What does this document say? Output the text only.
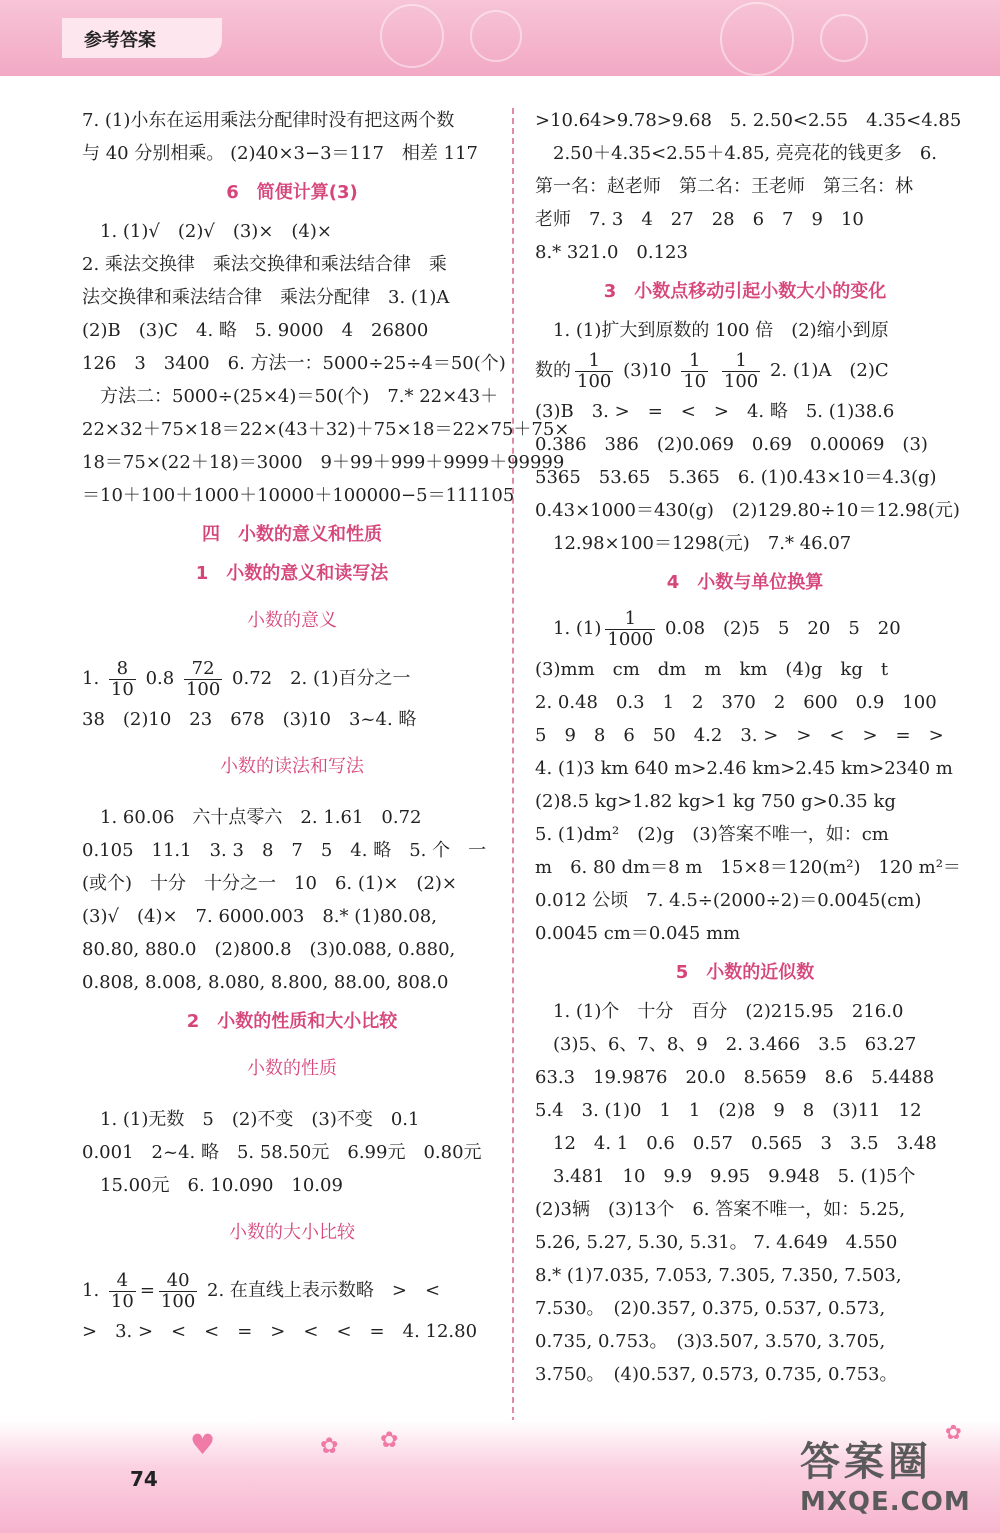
参考答案

7. (1)小东在运用乘法分配律时没有把这两个数

与 40 分别相乘。 (2)40×3−3＝117　相差 117

6　简便计算(3)

　1. (1)√　(2)√　(3)×　(4)×

2. 乘法交换律　乘法交换律和乘法结合律　乘

法交换律和乘法结合律　乘法分配律　3. (1)A

(2)B　(3)C　4. 略　5. 9000　4　26800

126　3　3400　6. 方法一：5000÷25÷4＝50(个)

　方法二：5000÷(25×4)＝50(个)　7.* 22×43＋

22×32＋75×18＝22×(43＋32)＋75×18＝22×75＋75×

18＝75×(22＋18)＝3000　9＋99＋999＋9999＋99999

＝10＋100＋1000＋10000＋100000−5＝111105

四　小数的意义和性质

1　小数的意义和读写法

小数的意义

1. $\frac{8}{10} 0.8 \frac{72}{100} 0.72$　2. (1)百分之一

38　(2)10　23　678　(3)10　3~4. 略

小数的读法和写法

　1. 60.06　六十点零六　2. 1.61　0.72

0.105　11.1　3. 3　8　7　5　4. 略　5. 个　一

(或个)　十分　十分之一　10　6. (1)×　(2)×

(3)√　(4)×　7. 6000.003　8.* (1)80.08,

80.80, 880.0　(2)800.8　(3)0.088, 0.880,

0.808, 8.008, 8.080, 8.800, 88.00, 808.0

2　小数的性质和大小比较

小数的性质

　1. (1)无数　5　(2)不变　(3)不变　0.1

0.001　2~4. 略　5. 58.50元　6.99元　0.80元

　15.00元　6. 10.090　10.09

小数的大小比较

1. $\frac{4}{10} = \frac{40}{100} 2$. 在直线上表示数略　>　<

>　3. >　<　<　=　>　<　<　=　4. 12.80

>10.64>9.78>9.68　5. 2.50<2.55　4.35<4.85

　2.50＋4.35<2.55＋4.85, 亮亮花的钱更多　6.

第一名：赵老师　第二名：王老师　第三名：林

老师　7. 3　4　27　28　6　7　9　10

8.* 321.0　0.123

3　小数点移动引起小数大小的变化

　1. (1)扩大到原数的 100 倍　(2)缩小到原

数的 $\frac{1}{100} (3)10 \frac{1}{10}$
$\frac{1}{100} 2$. (1)A　(2)C

(3)B　3. >　=　<　>　4. 略　5. (1)38.6

0.386　386　(2)0.069　0.69　0.00069　(3)

5365　53.65　5.365　6. (1)0.43×10＝4.3(g)

0.43×1000＝430(g)　(2)129.80÷10＝12.98(元)

　12.98×100＝1298(元)　7.* 46.07

4　小数与单位换算

　1. $(1) \frac{1}{1000} 0.08$　(2)5　5　20　5　20

(3)mm　cm　dm　m　km　(4)g　kg　t

2. 0.48　0.3　1　2　370　2　600　0.9　100

5　9　8　6　50　4.2　3. >　>　<　>　=　>

4. (1)3 km 640 m>2.46 km>2.45 km>2340 m

(2)8.5 kg>1.82 kg>1 kg 750 g>0.35 kg

5. (1)dm²　(2)g　(3)答案不唯一，如：cm

m　6. 80 dm＝8 m　15×8＝120(m²)　120 m²＝

0.012 公顷　7. 4.5÷(2000÷2)＝0.0045(cm)

0.0045 cm＝0.045 mm

5　小数的近似数

　1. (1)个　十分　百分　(2)215.95　216.0

　(3)5、6、7、8、9　2. 3.466　3.5　63.27

63.3　19.9876　20.0　8.5659　8.6　5.4488

5.4　3. (1)0　1　1　(2)8　9　8　(3)11　12

　12　4. 1　0.6　0.57　0.565　3　3.5　3.48

　3.481　10　9.9　9.95　9.948　5. (1)5个

(2)3辆　(3)13个　6. 答案不唯一，如：5.25,

5.26, 5.27, 5.30, 5.31。 7. 4.649　4.550

8.* (1)7.035, 7.053, 7.305, 7.350, 7.503,

7.530。　(2)0.357, 0.375, 0.537, 0.573,

0.735, 0.753。　(3)3.507, 3.570, 3.705,

3.750。　(4)0.537, 0.573, 0.735, 0.753。

♥	✿ ✿	✿
74	答案圈
MXQE.COM
